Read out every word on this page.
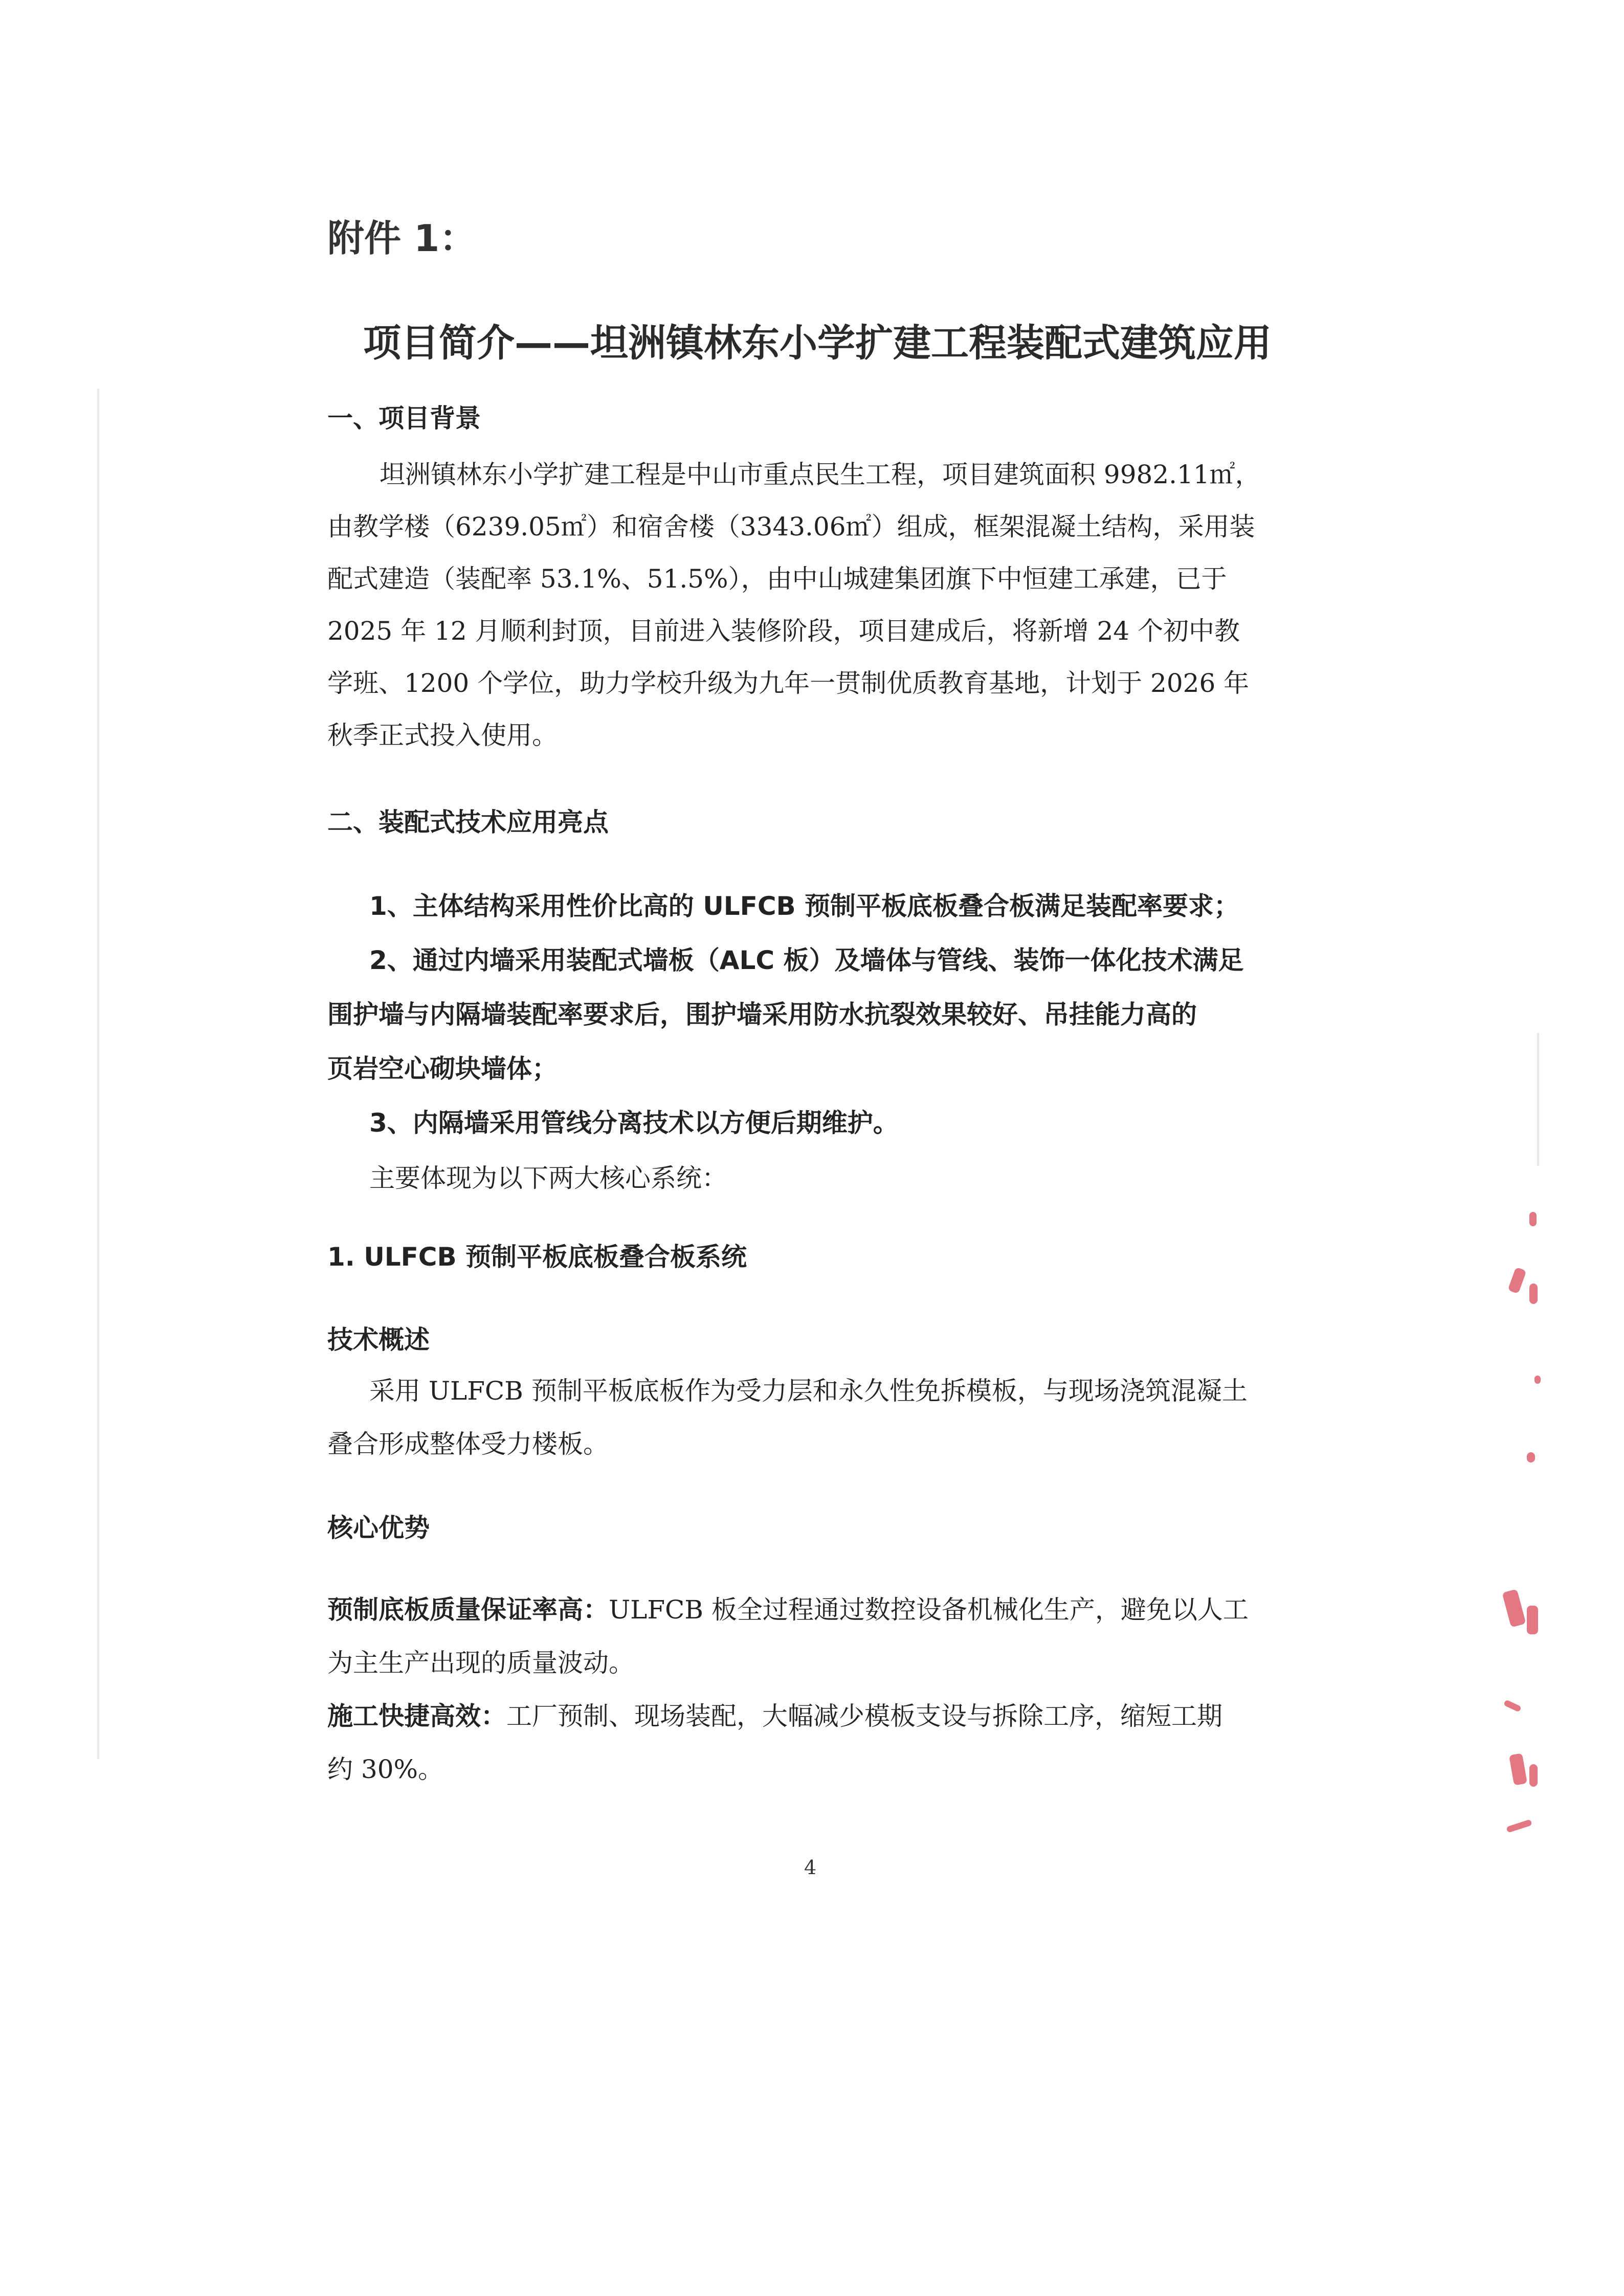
附件 1：
项目简介——坦洲镇林东小学扩建工程装配式建筑应用
一、项目背景
坦洲镇林东小学扩建工程是中山市重点民生工程，项目建筑面积 9982.11㎡，
由教学楼（6239.05㎡）和宿舍楼（3343.06㎡）组成，框架混凝土结构，采用装
配式建造（装配率 53.1%、51.5%），由中山城建集团旗下中恒建工承建，已于
2025 年 12 月顺利封顶，目前进入装修阶段，项目建成后，将新增 24 个初中教
学班、1200 个学位，助力学校升级为九年一贯制优质教育基地，计划于 2026 年
秋季正式投入使用。
二、装配式技术应用亮点
1、主体结构采用性价比高的 ULFCB 预制平板底板叠合板满足装配率要求；
2、通过内墙采用装配式墙板（ALC 板）及墙体与管线、装饰一体化技术满足
围护墙与内隔墙装配率要求后，围护墙采用防水抗裂效果较好、吊挂能力高的
页岩空心砌块墙体；
3、内隔墙采用管线分离技术以方便后期维护。
主要体现为以下两大核心系统：
1. ULFCB 预制平板底板叠合板系统
技术概述
采用 ULFCB 预制平板底板作为受力层和永久性免拆模板，与现场浇筑混凝土
叠合形成整体受力楼板。
核心优势
预制底板质量保证率高：ULFCB 板全过程通过数控设备机械化生产，避免以人工
为主生产出现的质量波动。
施工快捷高效：工厂预制、现场装配，大幅减少模板支设与拆除工序，缩短工期
约 30%。
4
